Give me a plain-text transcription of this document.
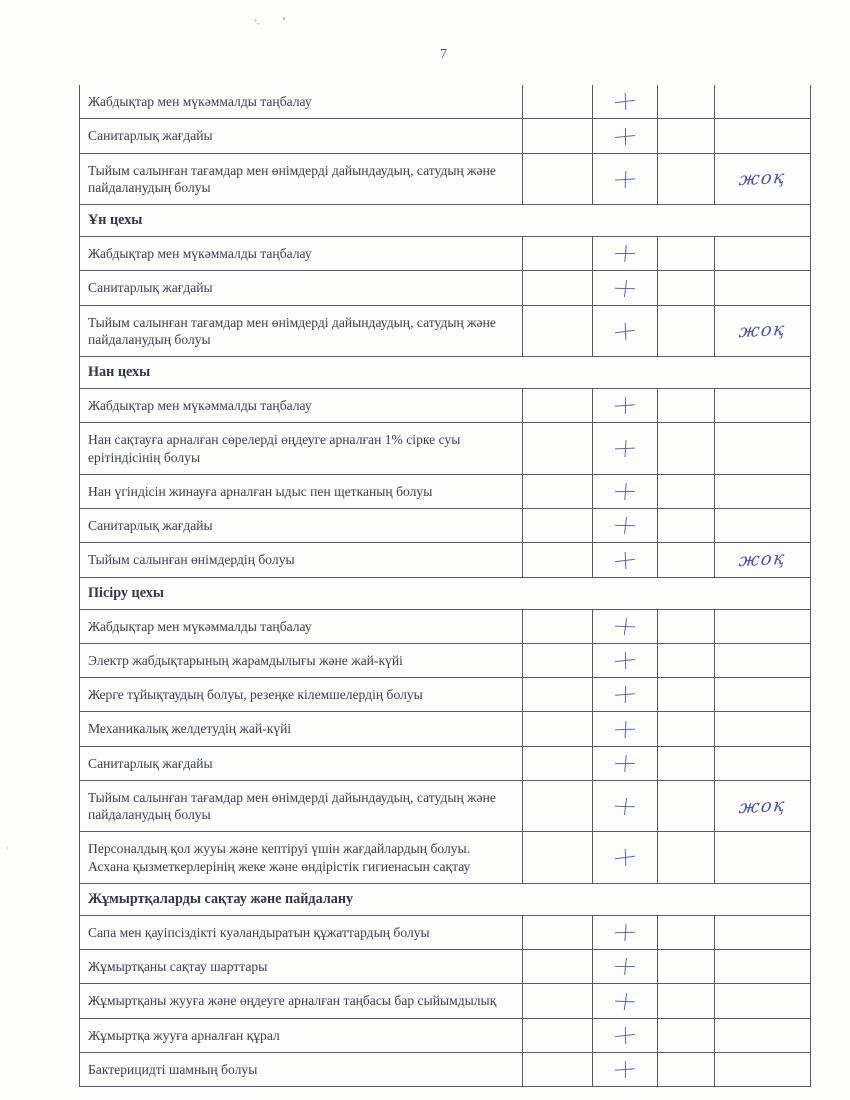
ʼ· ʼ
·
7
Жабдықтар мен мүкәммалды таңбалау				
Санитарлық жағдайы				
Тыйым салынған тағамдар мен өнімдерді дайындаудың, сатудың және пайдаланудың болуы				жоқ
Ұн цехы				
Жабдықтар мен мүкәммалды таңбалау				
Санитарлық жағдайы				
Тыйым салынған тағамдар мен өнімдерді дайындаудың, сатудың және пайдаланудың болуы				жоқ
Нан цехы				
Жабдықтар мен мүкәммалды таңбалау				
Нан сақтауға арналған сөрелерді өңдеуге арналған 1% сірке суы ерітіндісінің болуы				
Нан үгіндісін жинауға арналған ыдыс пен щетканың болуы				
Санитарлық жағдайы				
Тыйым салынған өнімдердің болуы				жоқ
Пісіру цехы				
Жабдықтар мен мүкәммалды таңбалау				
Электр жабдықтарының жарамдылығы және жай-күйі				
Жерге тұйықтаудың болуы, резеңке кілемшелердің болуы				
Механикалық желдетудің жай-күйі				
Санитарлық жағдайы				
Тыйым салынған тағамдар мен өнімдерді дайындаудың, сатудың және пайдаланудың болуы				жоқ
Персоналдың қол жууы және кептіруі үшін жағдайлардың болуы. Асхана қызметкерлерінің жеке және өндірістік гигиенасын сақтау				
Жұмыртқаларды сақтау және пайдалану				
Сапа мен қауіпсіздікті куәландыратын құжаттардың болуы				
Жұмыртқаны сақтау шарттары				
Жұмыртқаны жууға және өңдеуге арналған таңбасы бар сыйымдылық				
Жұмыртқа жууға арналған құрал				
Бактерицидті шамның болуы				
